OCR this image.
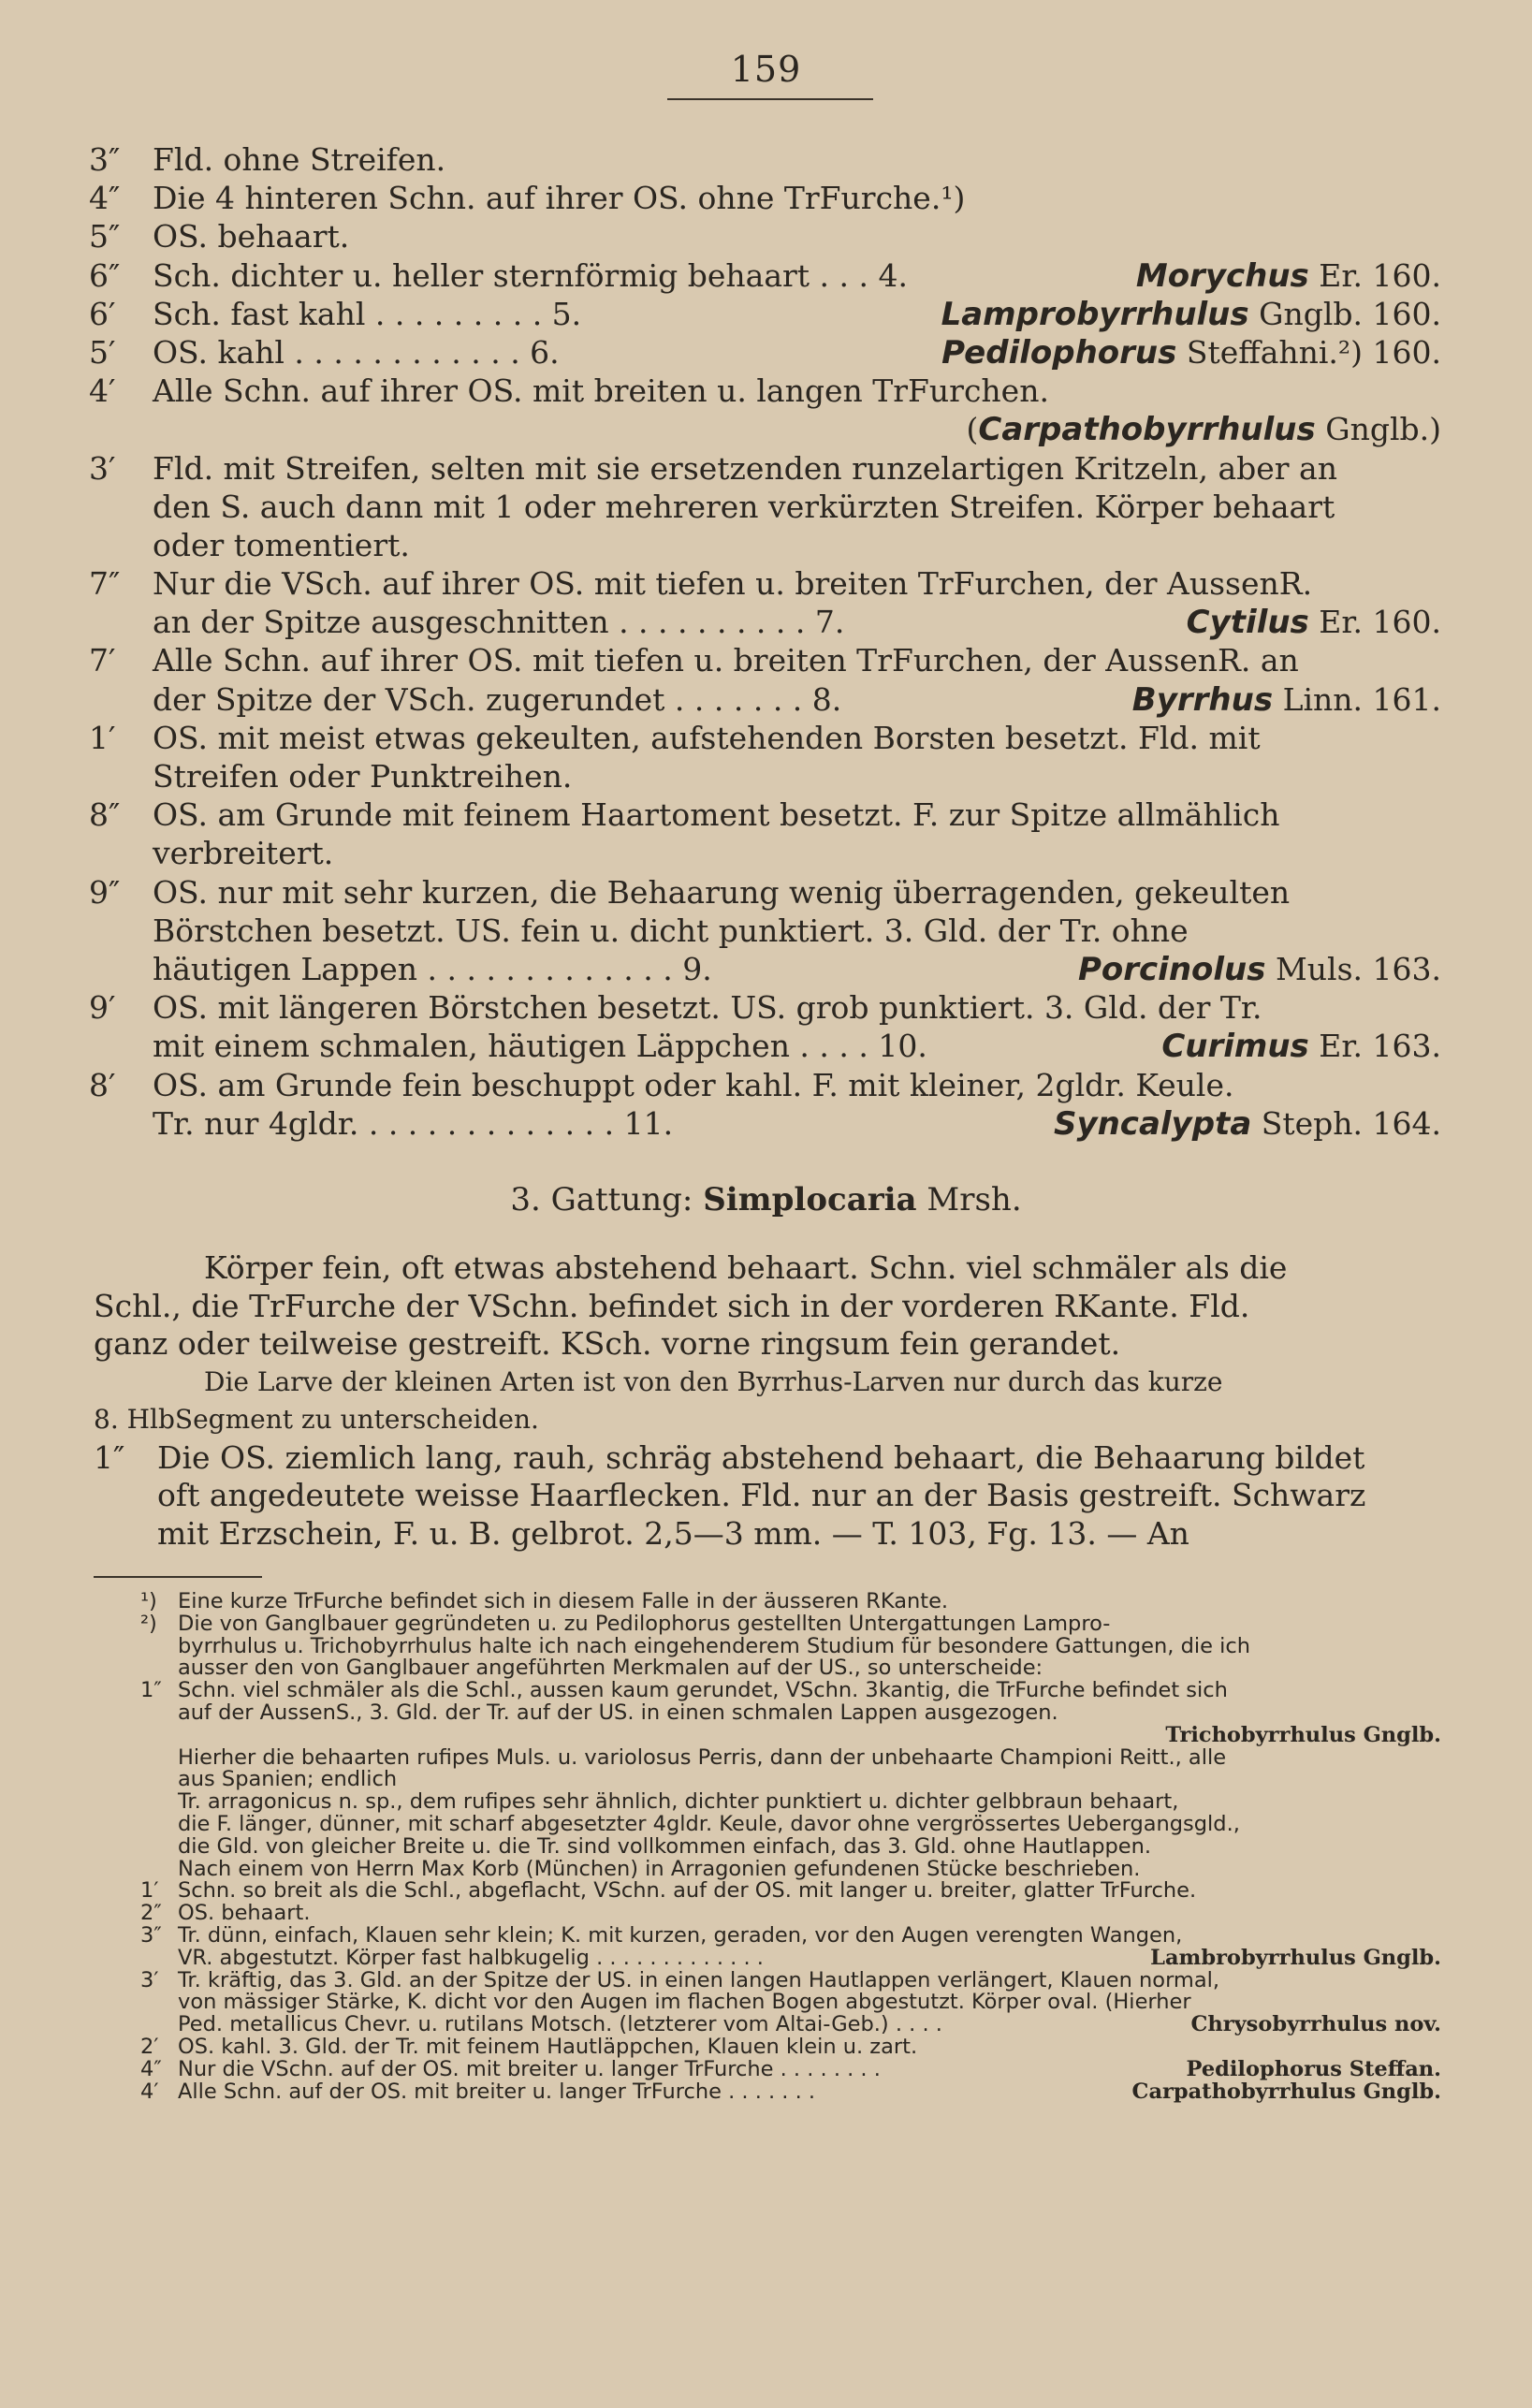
159
3″	Fld. ohne Streifen.
4″	Die 4 hinteren Schn. auf ihrer OS. ohne TrFurche.¹)
5″	OS. behaart.
6″	Sch. dichter u. heller sternförmig behaart . . . 4.	Morychus Er. 160.
6′	Sch. fast kahl . . . . . . . . . 5.	Lamprobyrrhulus Gnglb. 160.
5′	OS. kahl . . . . . . . . . . . . 6.	Pedilophorus Steffahni.²) 160.
4′	Alle Schn. auf ihrer OS. mit breiten u. langen TrFurchen.
(Carpathobyrrhulus Gnglb.)
3′	Fld. mit Streifen, selten mit sie ersetzenden runzelartigen Kritzeln, aber an
den S. auch dann mit 1 oder mehreren verkürzten Streifen. Körper behaart
oder tomentiert.
7″	Nur die VSch. auf ihrer OS. mit tiefen u. breiten TrFurchen, der AussenR.
an der Spitze ausgeschnitten . . . . . . . . . . 7.	Cytilus Er. 160.
7′	Alle Schn. auf ihrer OS. mit tiefen u. breiten TrFurchen, der AussenR. an
der Spitze der VSch. zugerundet . . . . . . . 8.	Byrrhus Linn. 161.
1′	OS. mit meist etwas gekeulten, aufstehenden Borsten besetzt. Fld. mit
Streifen oder Punktreihen.
8″	OS. am Grunde mit feinem Haartoment besetzt. F. zur Spitze allmählich
verbreitert.
9″	OS. nur mit sehr kurzen, die Behaarung wenig überragenden, gekeulten
Börstchen besetzt. US. fein u. dicht punktiert. 3. Gld. der Tr. ohne
häutigen Lappen . . . . . . . . . . . . . 9.	Porcinolus Muls. 163.
9′	OS. mit längeren Börstchen besetzt. US. grob punktiert. 3. Gld. der Tr.
mit einem schmalen, häutigen Läppchen . . . . 10.	Curimus Er. 163.
8′	OS. am Grunde fein beschuppt oder kahl. F. mit kleiner, 2gldr. Keule.
Tr. nur 4gldr. . . . . . . . . . . . . . 11.	Syncalypta Steph. 164.
3. Gattung: Simplocaria Mrsh.
Körper fein, oft etwas abstehend behaart. Schn. viel schmäler als die
Schl., die TrFurche der VSchn. befindet sich in der vorderen RKante. Fld.
ganz oder teilweise gestreift. KSch. vorne ringsum fein gerandet.
Die Larve der kleinen Arten ist von den Byrrhus-Larven nur durch das kurze
8. HlbSegment zu unterscheiden.
1″ Die OS. ziemlich lang, rauh, schräg abstehend behaart, die Behaarung bildet
oft angedeutete weisse Haarflecken. Fld. nur an der Basis gestreift. Schwarz
mit Erzschein, F. u. B. gelbrot. 2,5—3 mm. — T. 103, Fg. 13. — An
¹) Eine kurze TrFurche befindet sich in diesem Falle in der äusseren RKante.
²) Die von Ganglbauer gegründeten u. zu Pedilophorus gestellten Untergattungen Lampro-
byrrhulus u. Trichobyrrhulus halte ich nach eingehenderem Studium für besondere Gattungen, die ich
ausser den von Ganglbauer angeführten Merkmalen auf der US., so unterscheide:
1″ Schn. viel schmäler als die Schl., aussen kaum gerundet, VSchn. 3kantig, die TrFurche befindet sich
auf der AussenS., 3. Gld. der Tr. auf der US. in einen schmalen Lappen ausgezogen.
Trichobyrrhulus Gnglb.
Hierher die behaarten rufipes Muls. u. variolosus Perris, dann der unbehaarte Championi Reitt., alle
aus Spanien; endlich
Tr. arragonicus n. sp., dem rufipes sehr ähnlich, dichter punktiert u. dichter gelbbraun behaart,
die F. länger, dünner, mit scharf abgesetzter 4gldr. Keule, davor ohne vergrössertes Uebergangsgld.,
die Gld. von gleicher Breite u. die Tr. sind vollkommen einfach, das 3. Gld. ohne Hautlappen.
Nach einem von Herrn Max Korb (München) in Arragonien gefundenen Stücke beschrieben.
1′ Schn. so breit als die Schl., abgeflacht, VSchn. auf der OS. mit langer u. breiter, glatter TrFurche.
2″ OS. behaart.
3″ Tr. dünn, einfach, Klauen sehr klein; K. mit kurzen, geraden, vor den Augen verengten Wangen,
VR. abgestutzt. Körper fast halbkugelig . . . . . . . . . . . . .	Lambrobyrrhulus Gnglb.
3′ Tr. kräftig, das 3. Gld. an der Spitze der US. in einen langen Hautlappen verlängert, Klauen normal,
von mässiger Stärke, K. dicht vor den Augen im flachen Bogen abgestutzt. Körper oval. (Hierher
Ped. metallicus Chevr. u. rutilans Motsch. (letzterer vom Altai-Geb.) . . . .	Chrysobyrrhulus nov.
2′ OS. kahl. 3. Gld. der Tr. mit feinem Hautläppchen, Klauen klein u. zart.
4″ Nur die VSchn. auf der OS. mit breiter u. langer TrFurche . . . . . . . .	Pedilophorus Steffan.
4′ Alle Schn. auf der OS. mit breiter u. langer TrFurche . . . . . . .	Carpathobyrrhulus Gnglb.
